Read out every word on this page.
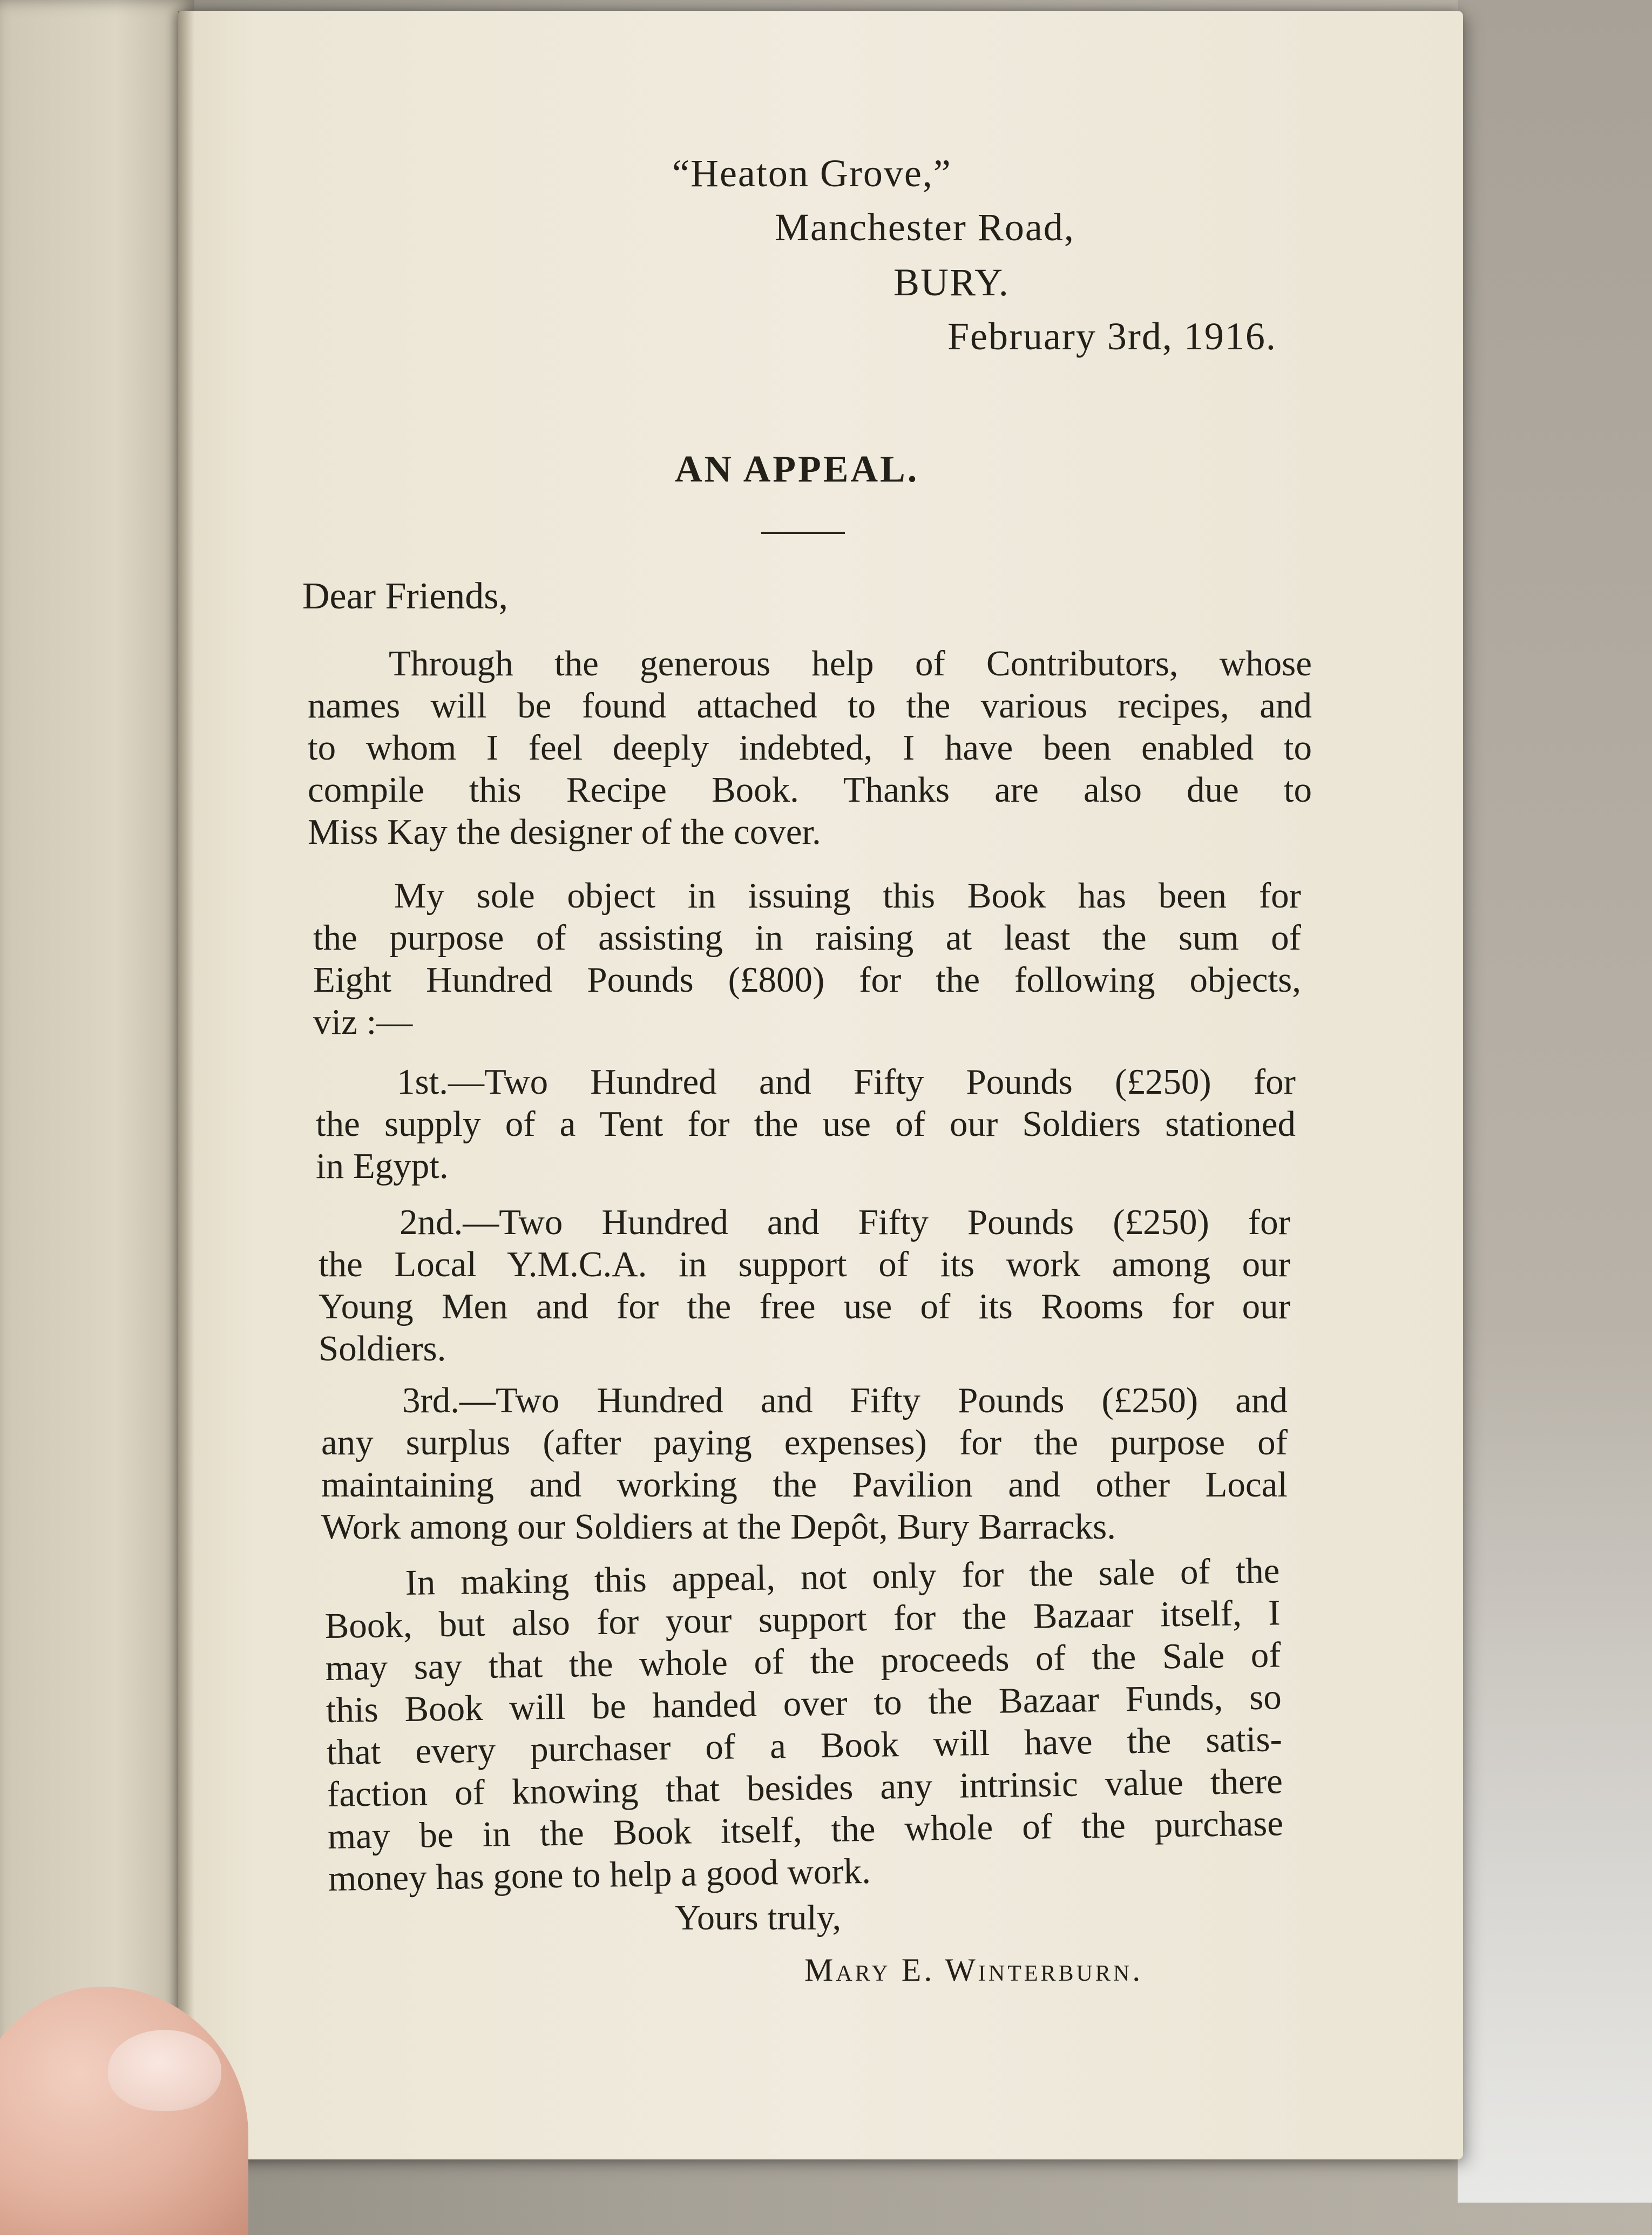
“Heaton Grove,”
Manchester Road,
BURY.
February 3rd, 1916.
AN APPEAL.
Dear Friends,
Through the generous help of Contributors, whose
names will be found attached to the various recipes, and
to whom I feel deeply indebted, I have been enabled to
compile this Recipe Book. Thanks are also due to
Miss Kay the designer of the cover.
My sole object in issuing this Book has been for
the purpose of assisting in raising at least the sum of
Eight Hundred Pounds (£800) for the following objects,
viz :—
1st.—Two Hundred and Fifty Pounds (£250) for
the supply of a Tent for the use of our Soldiers stationed
in Egypt.
2nd.—Two Hundred and Fifty Pounds (£250) for
the Local Y.M.C.A. in support of its work among our
Young Men and for the free use of its Rooms for our
Soldiers.
3rd.—Two Hundred and Fifty Pounds (£250) and
any surplus (after paying expenses) for the purpose of
maintaining and working the Pavilion and other Local
Work among our Soldiers at the Depôt, Bury Barracks.
In making this appeal, not only for the sale of the
Book, but also for your support for the Bazaar itself, I
may say that the whole of the proceeds of the Sale of
this Book will be handed over to the Bazaar Funds, so
that every purchaser of a Book will have the satis-
faction of knowing that besides any intrinsic value there
may be in the Book itself, the whole of the purchase
money has gone to help a good work.
Yours truly,
Mary E. Winterburn.
